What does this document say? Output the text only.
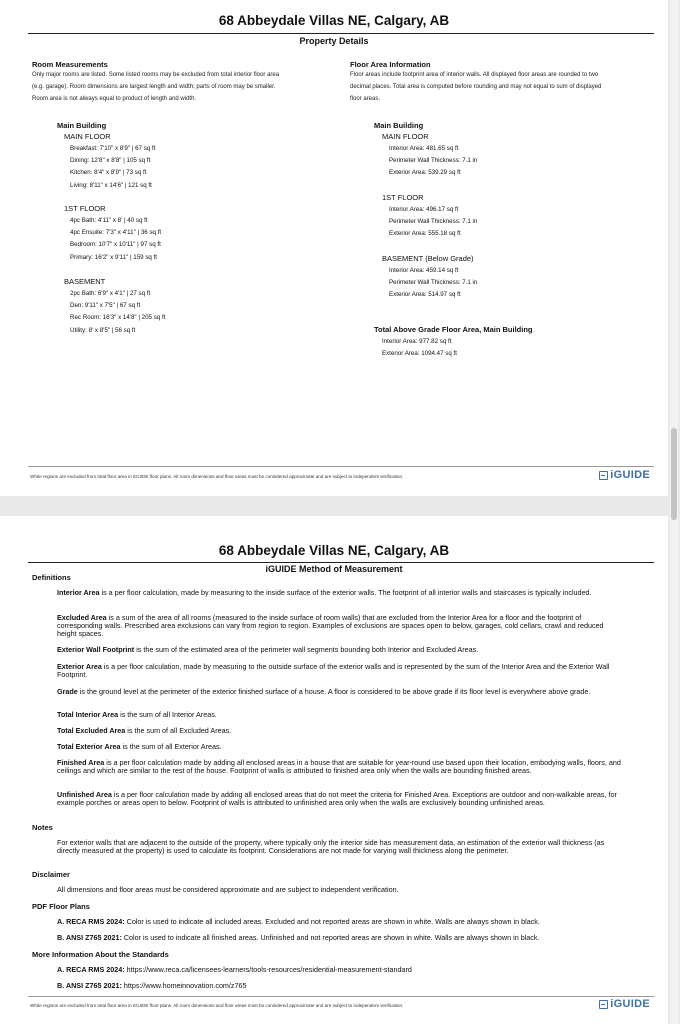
68 Abbeydale Villas NE, Calgary, AB
Property Details
Room Measurements
Only major rooms are listed. Some listed rooms may be excluded from total interior floor area
(e.g. garage). Room dimensions are largest length and width; parts of room may be smaller.
Room area is not always equal to product of length and width.
Main Building
MAIN FLOOR
Breakfast: 7'10" x 8'9" | 67 sq ft
Dining: 12'8" x 8'8" | 105 sq ft
Kitchen: 8'4" x 8'9" | 73 sq ft
Living: 8'11" x 14'6" | 121 sq ft
1ST FLOOR
4pc Bath: 4'11" x 8' | 40 sq ft
4pc Ensuite: 7'3" x 4'11" | 36 sq ft
Bedroom: 10'7" x 10'11" | 97 sq ft
Primary: 16'2" x 9'11" | 159 sq ft
BASEMENT
2pc Bath: 6'9" x 4'1" | 27 sq ft
Den: 9'11" x 7'5" | 67 sq ft
Rec Room: 16'3" x 14'8" | 205 sq ft
Utility: 8' x 8'5" | 56 sq ft
Floor Area Information
Floor areas include footprint area of interior walls. All displayed floor areas are rounded to two
decimal places. Total area is computed before rounding and may not equal to sum of displayed
floor areas.
Main Building
MAIN FLOOR
Interior Area: 481.65 sq ft
Perimeter Wall Thickness: 7.1 in
Exterior Area: 539.29 sq ft
1ST FLOOR
Interior Area: 496.17 sq ft
Perimeter Wall Thickness: 7.1 in
Exterior Area: 555.18 sq ft
BASEMENT (Below Grade)
Interior Area: 459.14 sq ft
Perimeter Wall Thickness: 7.1 in
Exterior Area: 514.97 sq ft
Total Above Grade Floor Area, Main Building
Interior Area: 977.82 sq ft
Exterior Area: 1094.47 sq ft
White regions are excluded from total floor area in iGUIDE floor plans. All room dimensions and floor areas must be considered approximate and are subject to independent verification.	iGUIDE
68 Abbeydale Villas NE, Calgary, AB
iGUIDE Method of Measurement
Definitions
Interior Area is a per floor calculation, made by measuring to the inside surface of the exterior walls. The footprint of all interior walls and staircases is typically included.
Excluded Area is a sum of the area of all rooms (measured to the inside surface of room walls) that are excluded from the Interior Area for a floor and the footprint of corresponding walls. Prescribed area exclusions can vary from region to region. Examples of exclusions are spaces open to below, garages, cold cellars, crawl and reduced height spaces.
Exterior Wall Footprint is the sum of the estimated area of the perimeter wall segments bounding both Interior and Excluded Areas.
Exterior Area is a per floor calculation, made by measuring to the outside surface of the exterior walls and is represented by the sum of the Interior Area and the Exterior Wall Footprint.
Grade is the ground level at the perimeter of the exterior finished surface of a house. A floor is considered to be above grade if its floor level is everywhere above grade.
Total Interior Area is the sum of all Interior Areas.
Total Excluded Area is the sum of all Excluded Areas.
Total Exterior Area is the sum of all Exterior Areas.
Finished Area is a per floor calculation made by adding all enclosed areas in a house that are suitable for year-round use based upon their location, embodying walls, floors, and ceilings and which are similar to the rest of the house. Footprint of walls is attributed to finished area only when the walls are bounding finished areas.
Unfinished Area is a per floor calculation made by adding all enclosed areas that do not meet the criteria for Finished Area. Exceptions are outdoor and non-walkable areas, for example porches or areas open to below. Footprint of walls is attributed to unfinished area only when the walls are exclusively bounding unfinished areas.
Notes
For exterior walls that are adjacent to the outside of the property, where typically only the interior side has measurement data, an estimation of the exterior wall thickness (as directly measured at the property) is used to calculate its footprint. Considerations are not made for varying wall thickness along the perimeter.
Disclaimer
All dimensions and floor areas must be considered approximate and are subject to independent verification.
PDF Floor Plans
A. RECA RMS 2024: Color is used to indicate all included areas. Excluded and not reported areas are shown in white. Walls are always shown in black.
B. ANSI Z765 2021: Color is used to indicate all finished areas. Unfinished and not reported areas are shown in white. Walls are always shown in black.
More Information About the Standards
A. RECA RMS 2024: https://www.reca.ca/licensees-learners/tools-resources/residential-measurement-standard
B. ANSI Z765 2021: https://www.homeinnovation.com/z765
White regions are excluded from total floor area in iGUIDE floor plans. All room dimensions and floor areas must be considered approximate and are subject to independent verification.	iGUIDE
